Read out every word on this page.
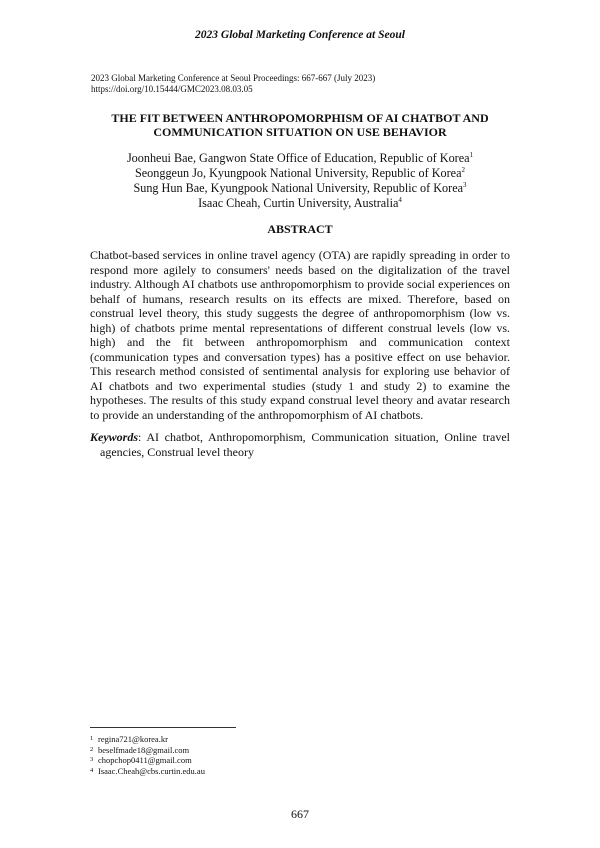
2023 Global Marketing Conference at Seoul
2023 Global Marketing Conference at Seoul Proceedings: 667-667 (July 2023)
https://doi.org/10.15444/GMC2023.08.03.05
THE FIT BETWEEN ANTHROPOMORPHISM OF AI CHATBOT AND
COMMUNICATION SITUATION ON USE BEHAVIOR
Joonheui Bae, Gangwon State Office of Education, Republic of Korea$^1$
Seonggeun Jo, Kyungpook National University, Republic of Korea$^2$
Sung Hun Bae, Kyungpook National University, Republic of Korea$^3$
Isaac Cheah, Curtin University, Australia$^4$
ABSTRACT
Chatbot-based services in online travel agency (OTA) are rapidly spreading in order to respond more agilely to consumers' needs based on the digitalization of the travel industry. Although AI chatbots use anthropomorphism to provide social experiences on behalf of humans, research results on its effects are mixed. Therefore, based on construal level theory, this study suggests the degree of anthropomorphism (low vs. high) of chatbots prime mental representations of different construal levels (low vs. high) and the fit between anthropomorphism and communication context (communication types and conversation types) has a positive effect on use behavior. This research method consisted of sentimental analysis for exploring use behavior of AI chatbots and two experimental studies (study 1 and study 2) to examine the hypotheses. The results of this study expand construal level theory and avatar research to provide an understanding of the anthropomorphism of AI chatbots.
Keywords: AI chatbot, Anthropomorphism, Communication situation, Online travel agencies, Construal level theory
1 regina721@korea.kr
2 beselfmade18@gmail.com
3 chopchop0411@gmail.com
4 Isaac.Cheah@cbs.curtin.edu.au
667
